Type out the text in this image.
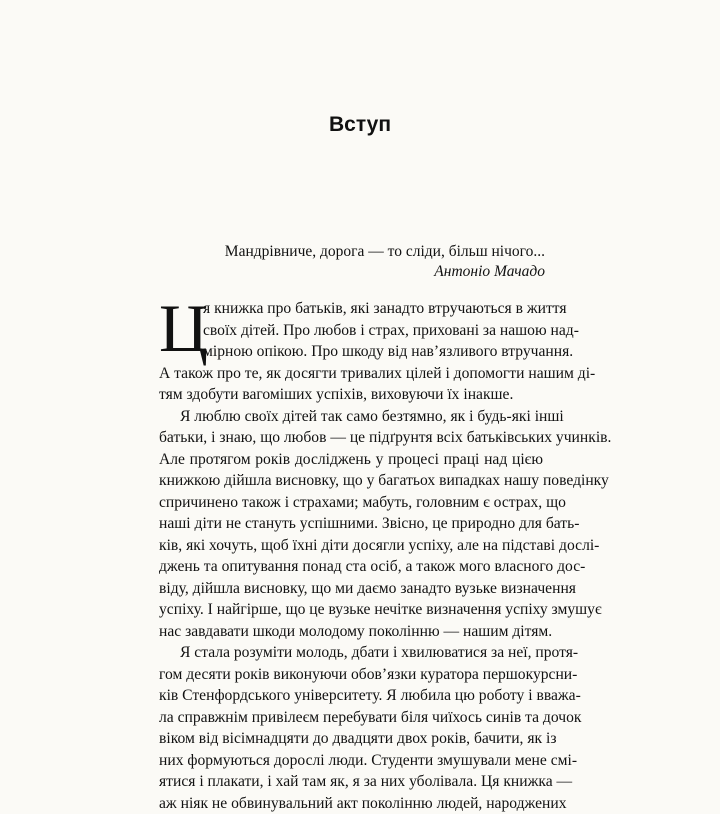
Вступ
Мандрівниче, дорога — то сліди, більш нічого...
Антоніо Мачадо
Ц
я книжка про батьків, які занадто втручаються в життя
своїх дітей. Про любов і страх, приховані за нашою над-
мірною опікою. Про шкоду від нав’язливого втручання.
А також про те, як досягти тривалих цілей і допомогти нашим ді-
тям здобути вагоміших успіхів, виховуючи їх інакше.
Я люблю своїх дітей так само безтямно, як і будь-які інші
батьки, і знаю, що любов — це підґрунтя всіх батьківських учинків.
Але протягом років досліджень у процесі праці над цією
книжкою дійшла висновку, що у багатьох випадках нашу поведінку
спричинено також і страхами; мабуть, головним є острах, що
наші діти не стануть успішними. Звісно, це природно для бать-
ків, які хочуть, щоб їхні діти досягли успіху, але на підставі дослі-
джень та опитування понад ста осіб, а також мого власного дос-
віду, дійшла висновку, що ми даємо занадто вузьке визначення
успіху. І найгірше, що це вузьке нечітке визначення успіху змушує
нас завдавати шкоди молодому поколінню — нашим дітям.
Я стала розуміти молодь, дбати і хвилюватися за неї, протя-
гом десяти років виконуючи обов’язки куратора першокурсни-
ків Стенфордського університету. Я любила цю роботу і вважа-
ла справжнім привілеєм перебувати біля чиїхось синів та дочок
віком від вісімнадцяти до двадцяти двох років, бачити, як із
них формуються дорослі люди. Студенти змушували мене смі-
ятися і плакати, і хай там як, я за них уболівала. Ця книжка —
аж ніяк не обвинувальний акт поколінню людей, народжених
